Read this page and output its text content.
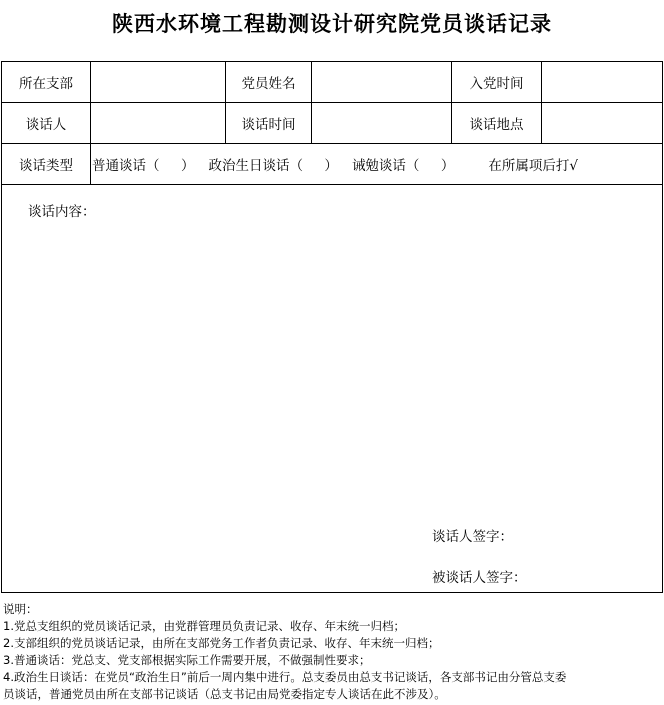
陕西水环境工程勘测设计研究院党员谈话记录
所在支部	党员姓名	入党时间
谈话人	谈话时间	谈话地点
谈话类型	普通谈话（     ） 政治生日谈话（     ） 诫勉谈话（     ）	在所属项后打√
谈话内容：
谈话人签字：
被谈话人签字：
说明：
1.党总支组织的党员谈话记录，由党群管理员负责记录、收存、年末统一归档；
2.支部组织的党员谈话记录，由所在支部党务工作者负责记录、收存、年末统一归档；
3.普通谈话：党总支、党支部根据实际工作需要开展，不做强制性要求；
4.政治生日谈话：在党员“政治生日”前后一周内集中进行。总支委员由总支书记谈话，各支部书记由分管总支委
员谈话，普通党员由所在支部书记谈话（总支书记由局党委指定专人谈话在此不涉及）。
